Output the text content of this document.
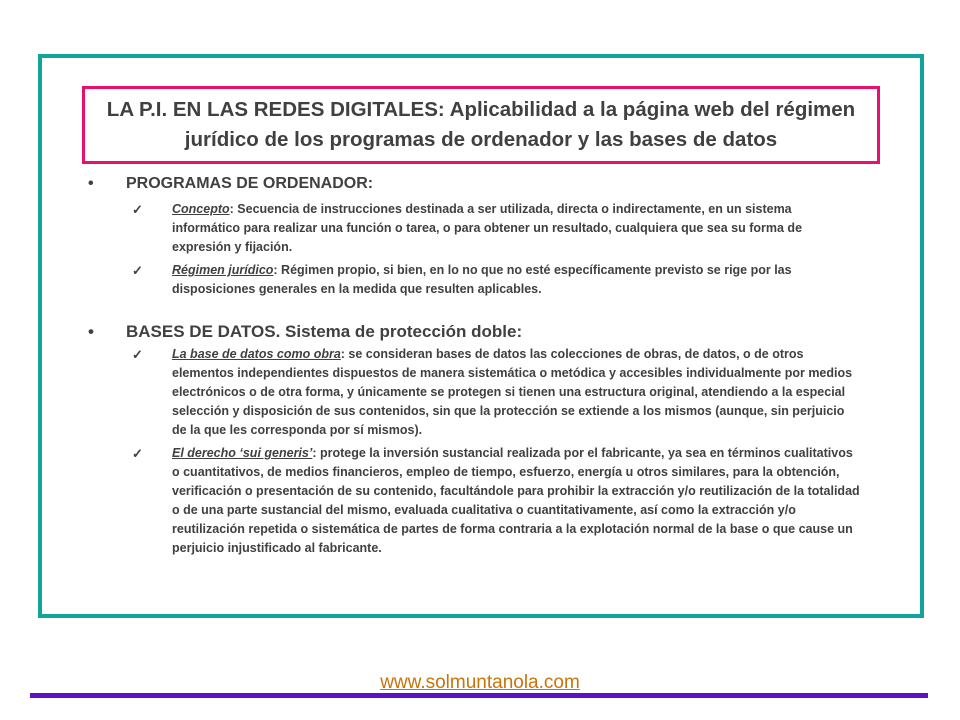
LA P.I. EN LAS REDES DIGITALES: Aplicabilidad a la página web del régimen jurídico de los programas de ordenador y las bases de datos

• PROGRAMAS DE ORDENADOR:
✓ Concepto: Secuencia de instrucciones destinada a ser utilizada, directa o indirectamente, en un sistema informático para realizar una función o tarea, o para obtener un resultado, cualquiera que sea su forma de expresión y fijación.
✓ Régimen jurídico: Régimen propio, si bien, en lo no que no esté específicamente previsto se rige por las disposiciones generales en la medida que resulten aplicables.
• BASES DE DATOS. Sistema de protección doble:
✓ La base de datos como obra: se consideran bases de datos las colecciones de obras, de datos, o de otros elementos independientes dispuestos de manera sistemática o metódica y accesibles individualmente por medios electrónicos o de otra forma, y únicamente se protegen si tienen una estructura original, atendiendo a la especial selección y disposición de sus contenidos, sin que la protección se extiende a los mismos (aunque, sin perjuicio de la que les corresponda por sí mismos).
✓ El derecho ‘sui generis’: protege la inversión sustancial realizada por el fabricante, ya sea en términos cualitativos o cuantitativos, de medios financieros, empleo de tiempo, esfuerzo, energía u otros similares, para la obtención, verificación o presentación de su contenido, facultándole para prohibir la extracción y/o reutilización de la totalidad o de una parte sustancial del mismo, evaluada cualitativa o cuantitativamente, así como la extracción y/o reutilización repetida o sistemática de partes de forma contraria a la explotación normal de la base o que cause un perjuicio injustificado al fabricante.
www.solmuntanola.com
